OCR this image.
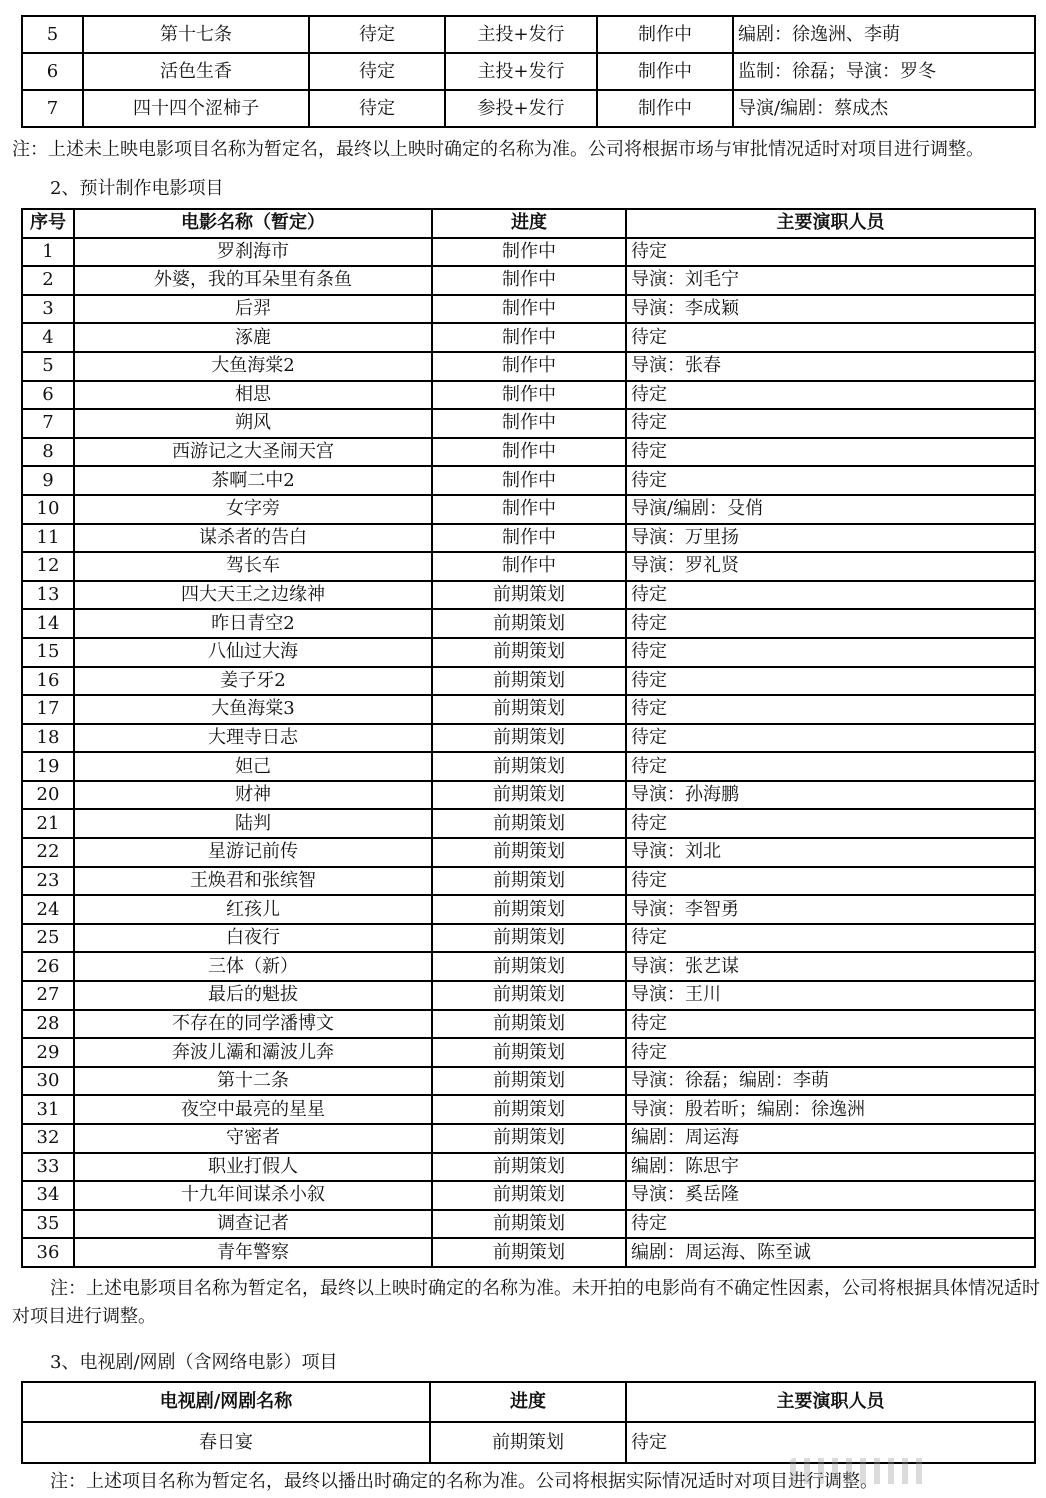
5	第十七条	待定	主投+发行	制作中	编剧：徐逸洲、李萌
6	活色生香	待定	主投+发行	制作中	监制：徐磊；导演：罗冬
7	四十四个涩柿子	待定	参投+发行	制作中	导演/编剧：蔡成杰
注：上述未上映电影项目名称为暂定名，最终以上映时确定的名称为准。公司将根据市场与审批情况适时对项目进行调整。
2、预计制作电影项目
序号	电影名称（暂定）	进度	主要演职人员
1	罗刹海市	制作中	待定
2	外婆，我的耳朵里有条鱼	制作中	导演：刘毛宁
3	后羿	制作中	导演：李成颖
4	涿鹿	制作中	待定
5	大鱼海棠2	制作中	导演：张春
6	相思	制作中	待定
7	朔风	制作中	待定
8	西游记之大圣闹天宫	制作中	待定
9	茶啊二中2	制作中	待定
10	女字旁	制作中	导演/编剧：殳俏
11	谋杀者的告白	制作中	导演：万里扬
12	驾长车	制作中	导演：罗礼贤
13	四大天王之边缘神	前期策划	待定
14	昨日青空2	前期策划	待定
15	八仙过大海	前期策划	待定
16	姜子牙2	前期策划	待定
17	大鱼海棠3	前期策划	待定
18	大理寺日志	前期策划	待定
19	妲己	前期策划	待定
20	财神	前期策划	导演：孙海鹏
21	陆判	前期策划	待定
22	星游记前传	前期策划	导演：刘北
23	王焕君和张缤智	前期策划	待定
24	红孩儿	前期策划	导演：李智勇
25	白夜行	前期策划	待定
26	三体（新）	前期策划	导演：张艺谋
27	最后的魁拔	前期策划	导演：王川
28	不存在的同学潘博文	前期策划	待定
29	奔波儿灞和灞波儿奔	前期策划	待定
30	第十二条	前期策划	导演：徐磊；编剧：李萌
31	夜空中最亮的星星	前期策划	导演：殷若昕；编剧：徐逸洲
32	守密者	前期策划	编剧：周运海
33	职业打假人	前期策划	编剧：陈思宇
34	十九年间谋杀小叙	前期策划	导演：奚岳隆
35	调查记者	前期策划	待定
36	青年警察	前期策划	编剧：周运海、陈至诚
注：上述电影项目名称为暂定名，最终以上映时确定的名称为准。未开拍的电影尚有不确定性因素，公司将根据具体情况适时对项目进行调整。
3、电视剧/网剧（含网络电影）项目
电视剧/网剧名称	进度	主要演职人员
春日宴	前期策划	待定
注：上述项目名称为暂定名，最终以播出时确定的名称为准。公司将根据实际情况适时对项目进行调整。
